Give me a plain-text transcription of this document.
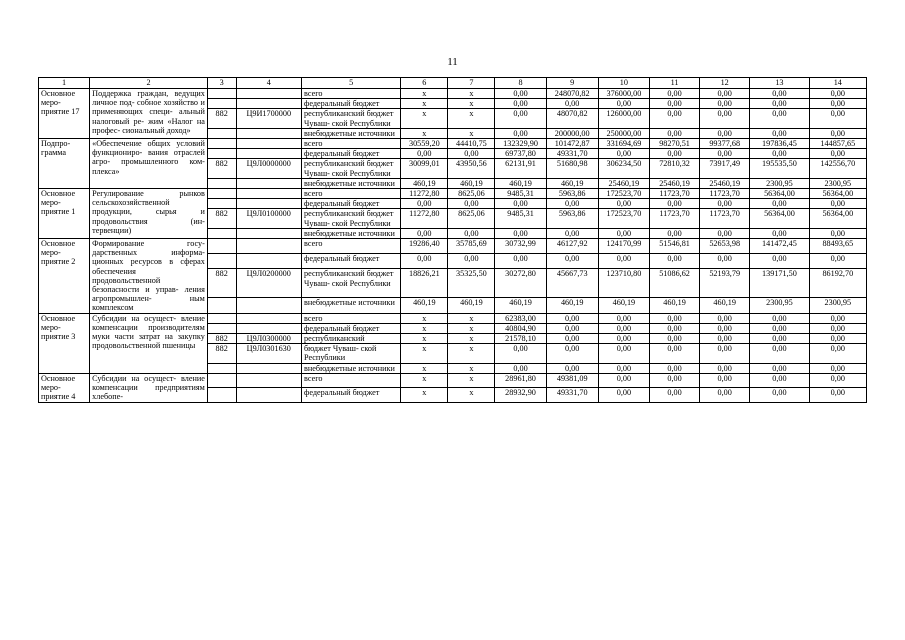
11
1	2	3	4	5	6	7	8	9	10	11	12	13	14
Основное меро- приятие 17	Поддержка граждан, ведущих личное под- собное хозяйство и применяющих специ- альный налоговый ре- жим «Налог на профес- сиональный доход»			всего	x	x	0,00	248070,82	376000,00	0,00	0,00	0,00	0,00
				федеральный бюджет	x	x	0,00	0,00	0,00	0,00	0,00	0,00	0,00
		882	Ц9И1700000	республиканский бюджет Чуваш- ской Республики	x	x	0,00	48070,82	126000,00	0,00	0,00	0,00	0,00
				внебюджетные источники	x	x	0,00	200000,00	250000,00	0,00	0,00	0,00	0,00
Подпро- грамма	«Обеспечение общих условий функциониро- вания отраслей агро- промышленного ком- плекса»			всего	30559,20	44410,75	132329,90	101472,87	331694,69	98270,51	99377,68	197836,45	144857,65
				федеральный бюджет	0,00	0,00	69737,80	49331,70	0,00	0,00	0,00	0,00	0,00
		882	Ц9Л0000000	республиканский бюджет Чуваш- ской Республики	30099,01	43950,56	62131,91	51680,98	306234,50	72810,32	73917,49	195535,50	142556,70
				внебюджетные источники	460,19	460,19	460,19	460,19	25460,19	25460,19	25460,19	2300,95	2300,95
Основное меро- приятие 1	Регулирование рынков сельскохозяйственной продукции, сырья и продовольствия (ин- тервенции)			всего	11272,80	8625,06	9485,31	5963,86	172523,70	11723,70	11723,70	56364,00	56364,00
				федеральный бюджет	0,00	0,00	0,00	0,00	0,00	0,00	0,00	0,00	0,00
		882	Ц9Л0100000	республиканский бюджет Чуваш- ской Республики	11272,80	8625,06	9485,31	5963,86	172523,70	11723,70	11723,70	56364,00	56364,00
				внебюджетные источники	0,00	0,00	0,00	0,00	0,00	0,00	0,00	0,00	0,00
Основное меро- приятие 2	Формирование госу- дарственных информа- ционных ресурсов в сферах обеспечения продовольственной безопасности и управ- ления агропромышлен- ным комплексом			всего	19286,40	35785,69	30732,99	46127,92	124170,99	51546,81	52653,98	141472,45	88493,65
				федеральный бюджет	0,00	0,00	0,00	0,00	0,00	0,00	0,00	0,00	0,00
		882	Ц9Л0200000	республиканский бюджет Чуваш- ской Республики	18826,21	35325,50	30272,80	45667,73	123710,80	51086,62	52193,79	139171,50	86192,70
				внебюджетные источники	460,19	460,19	460,19	460,19	460,19	460,19	460,19	2300,95	2300,95
Основное меро- приятие 3	Субсидии на осущест- вление компенсации производителям муки части затрат на закупку продовольственной пшеницы			всего	x	x	62383,00	0,00	0,00	0,00	0,00	0,00	0,00
				федеральный бюджет	x	x	40804,90	0,00	0,00	0,00	0,00	0,00	0,00
		882	Ц9Л0300000	республиканский	x	x	21578,10	0,00	0,00	0,00	0,00	0,00	0,00
		882	Ц9Л0301630	бюджет Чуваш- ской Республики	x	x	0,00	0,00	0,00	0,00	0,00	0,00	0,00
				внебюджетные источники	x	x	0,00	0,00	0,00	0,00	0,00	0,00	0,00
Основное меро- приятие 4	Субсидии на осущест- вление компенсации предприятиям хлебопе-			всего	x	x	28961,80	49381,09	0,00	0,00	0,00	0,00	0,00
				федеральный бюджет	x	x	28932,90	49331,70	0,00	0,00	0,00	0,00	0,00
